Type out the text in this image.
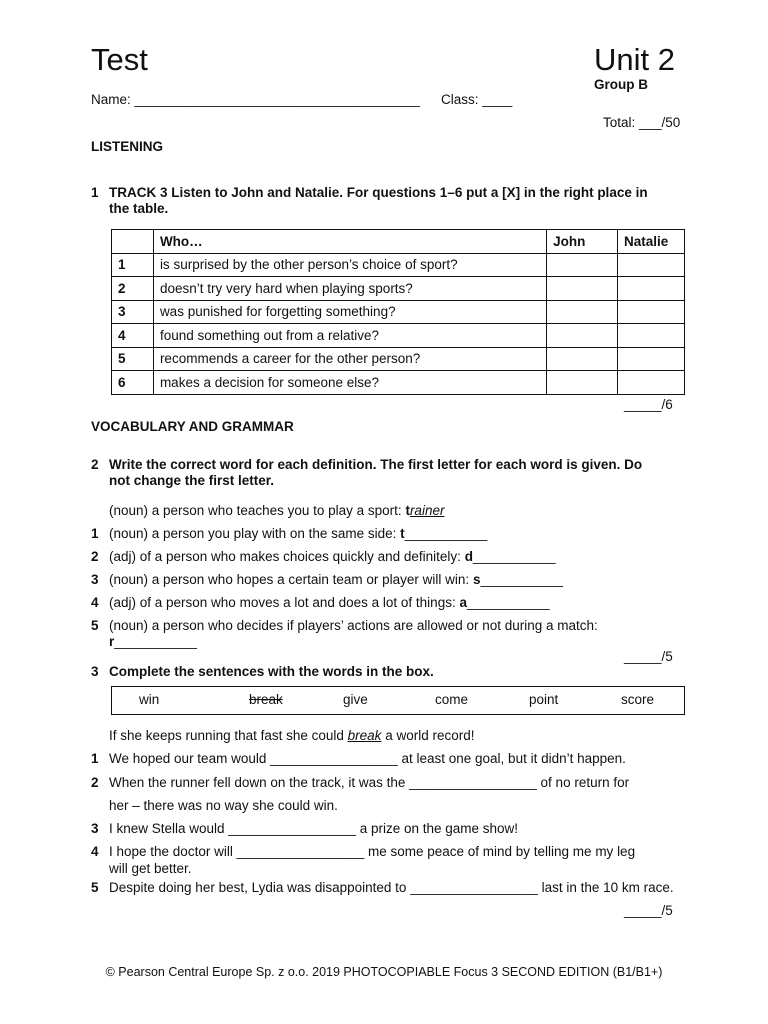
Test	Unit 2
Group B
Name: ______________________________________ Class: ____
Total: ___/50
LISTENING
1 TRACK 3 Listen to John and Natalie. For questions 1–6 put a [X] in the right place in
the table.
	Who…	John	Natalie
1	is surprised by the other person’s choice of sport?		
2	doesn’t try very hard when playing sports?		
3	was punished for forgetting something?		
4	found something out from a relative?		
5	recommends a career for the other person?		
6	makes a decision for someone else?		
_____/6
VOCABULARY AND GRAMMAR
2 Write the correct word for each definition. The first letter for each word is given. Do
not change the first letter.
(noun) a person who teaches you to play a sport: trainer
1 (noun) a person you play with on the same side: t___________
2 (adj) of a person who makes choices quickly and definitely: d___________
3 (noun) a person who hopes a certain team or player will win: s___________
4 (adj) of a person who moves a lot and does a lot of things: a___________
5 (noun) a person who decides if players’ actions are allowed or not during a match:
r___________
_____/5
3 Complete the sentences with the words in the box.
win	break	give	come	point	score
If she keeps running that fast she could break a world record!
1 We hoped our team would _________________ at least one goal, but it didn’t happen.
2 When the runner fell down on the track, it was the _________________ of no return for
her – there was no way she could win.
3 I knew Stella would _________________ a prize on the game show!
4 I hope the doctor will _________________ me some peace of mind by telling me my leg
will get better.
5 Despite doing her best, Lydia was disappointed to _________________ last in the 10 km race.
_____/5
© Pearson Central Europe Sp. z o.o. 2019 PHOTOCOPIABLE Focus 3 SECOND EDITION (B1/B1+)
